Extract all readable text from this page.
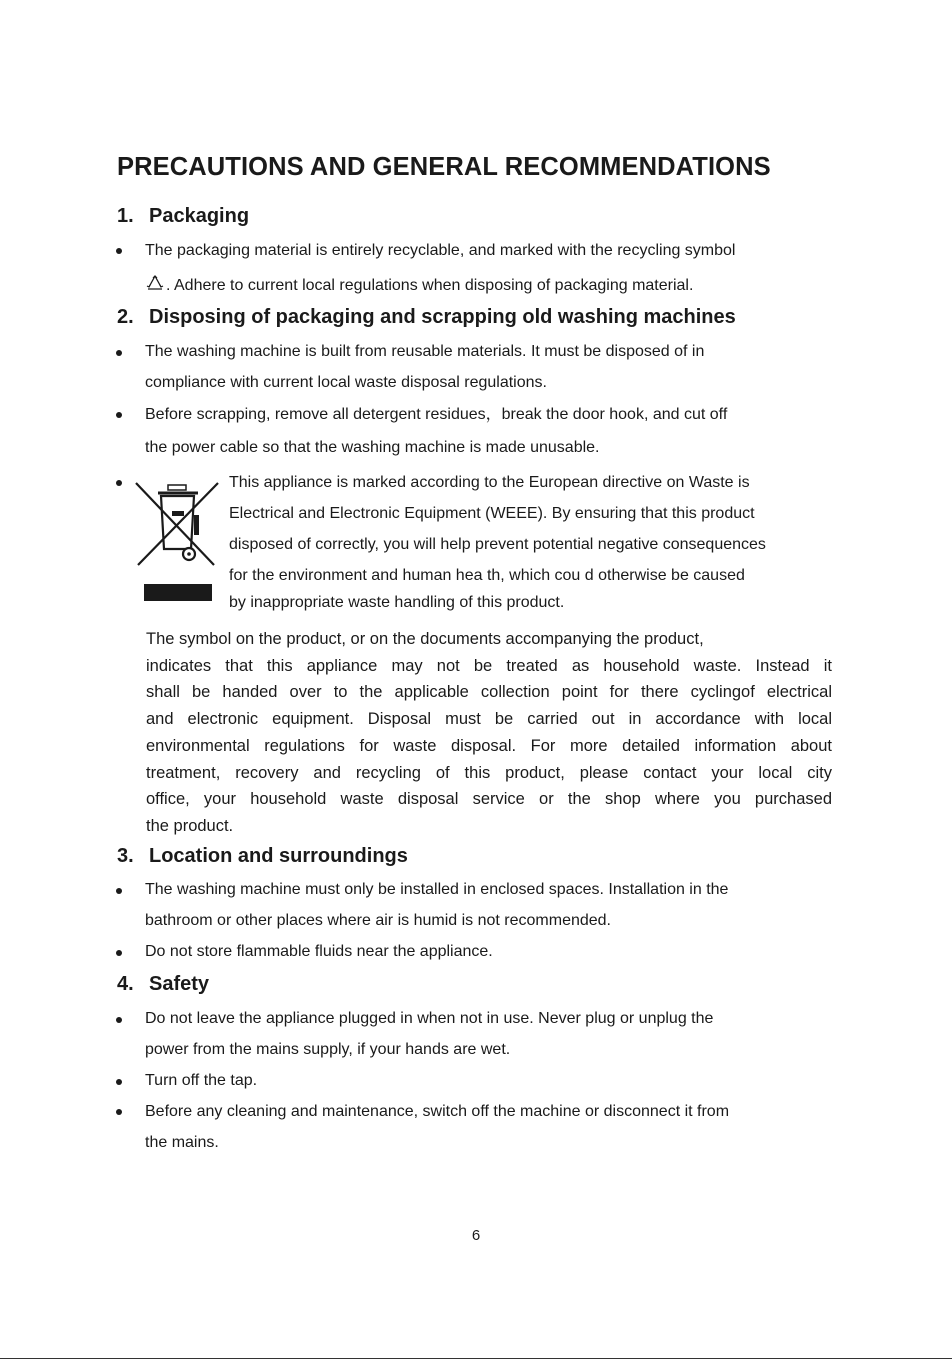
PRECAUTIONS AND GENERAL RECOMMENDATIONS
1. Packaging
The packaging material is entirely recyclable, and marked with the recycling symbol
. Adhere to current local regulations when disposing of packaging material.
2. Disposing of packaging and scrapping old washing machines
The washing machine is built from reusable materials. It must be disposed of in
compliance with current local waste disposal regulations.
Before scrapping, remove all detergent residues，break the door hook, and cut off
the power cable so that the washing machine is made unusable.
This appliance is marked according to the European directive on Waste is
Electrical and Electronic Equipment (WEEE). By ensuring that this product
disposed of correctly, you will help prevent potential negative consequences
for the environment and human hea th, which cou d otherwise be caused
by inappropriate waste handling of this product.

The symbol on the product, or on the documents accompanying the product,

indicates that this appliance may not be treated as household waste. Instead it

shall be handed over to the applicable collection point for there cyclingof electrical

and electronic equipment. Disposal must be carried out in accordance with local

environmental regulations for waste disposal. For more detailed information about

treatment, recovery and recycling of this product, please contact your local city

office, your household waste disposal service or the shop where you purchased

the product.

3. Location and surroundings
The washing machine must only be installed in enclosed spaces. Installation in the
bathroom or other places where air is humid is not recommended.
Do not store flammable fluids near the appliance.
4. Safety
Do not leave the appliance plugged in when not in use. Never plug or unplug the
power from the mains supply, if your hands are wet.
Turn off the tap.
Before any cleaning and maintenance, switch off the machine or disconnect it from
the mains.
6
